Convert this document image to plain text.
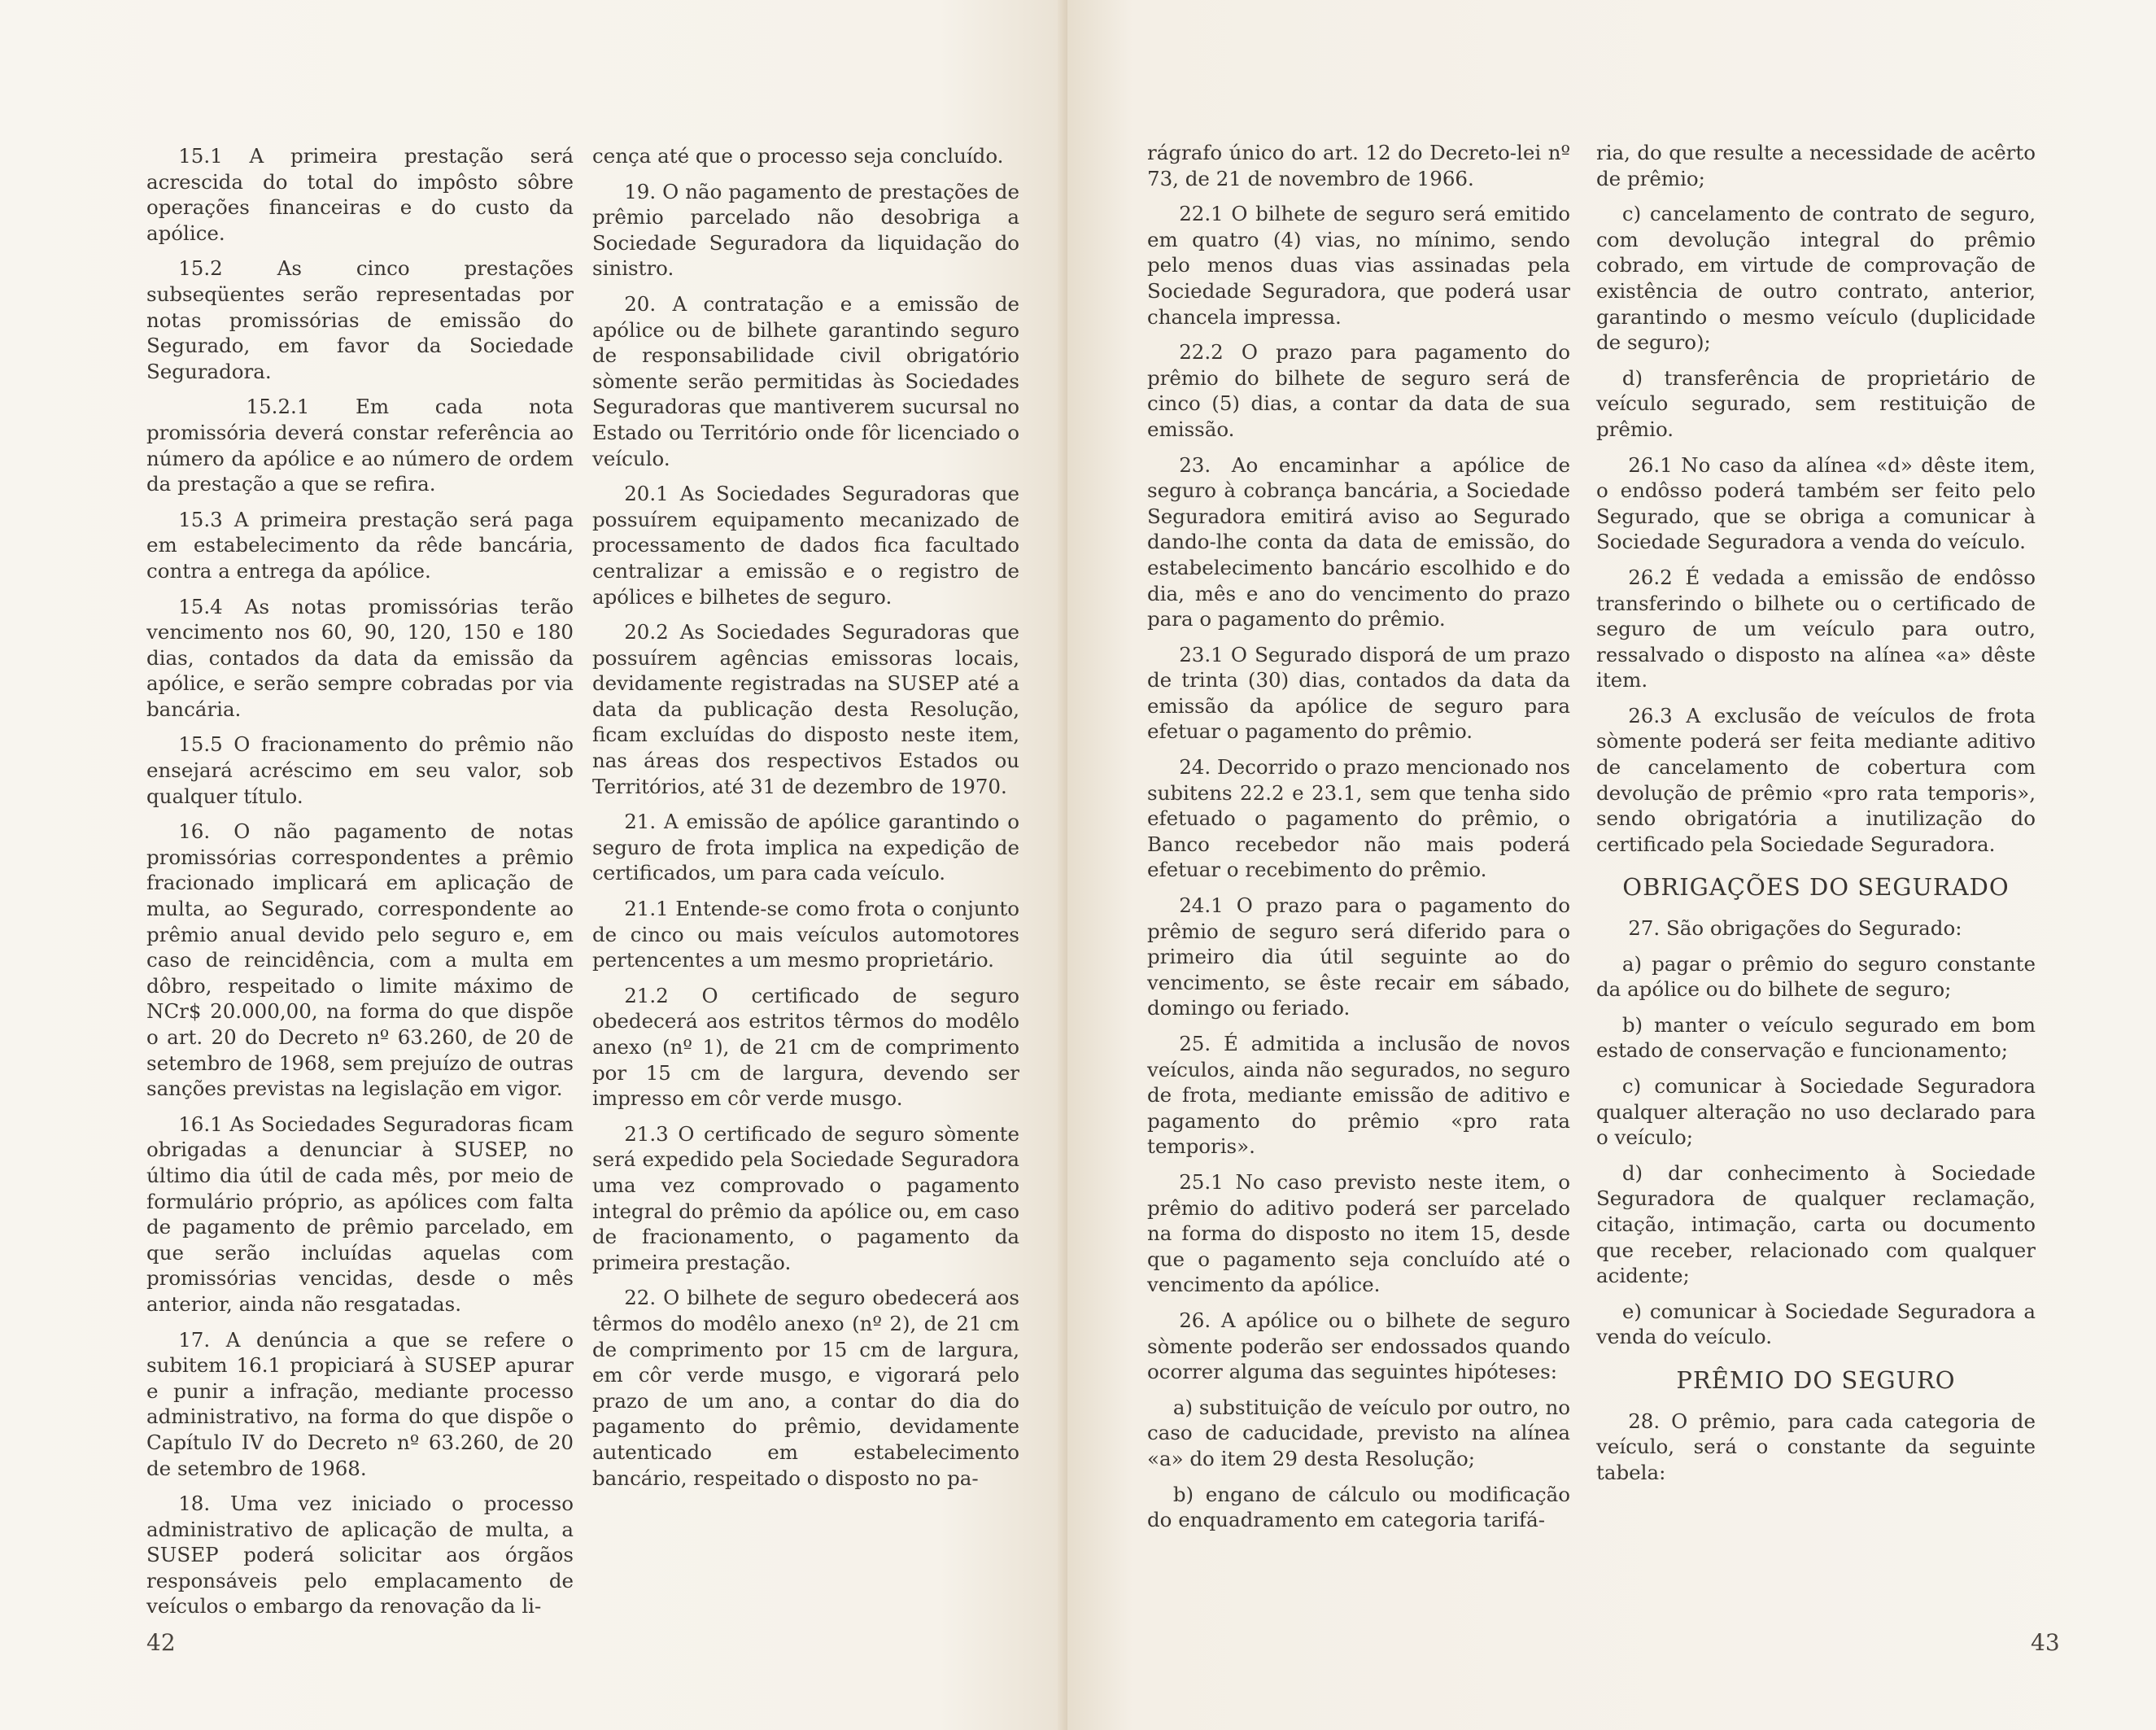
15.1 A primeira prestação será acrescida do total do impôsto sôbre operações financeiras e do custo da apólice.

15.2 As cinco prestações subseqüentes serão representadas por notas promissórias de emissão do Segurado, em favor da Sociedade Seguradora.

15.2.1 Em cada nota promissória deverá constar referência ao número da apólice e ao número de ordem da prestação a que se refira.

15.3 A primeira prestação será paga em estabelecimento da rêde bancária, contra a entrega da apólice.

15.4 As notas promissórias terão vencimento nos 60, 90, 120, 150 e 180 dias, contados da data da emissão da apólice, e serão sempre cobradas por via bancária.

15.5 O fracionamento do prêmio não ensejará acréscimo em seu valor, sob qualquer título.

16. O não pagamento de notas promissórias correspondentes a prêmio fracionado implicará em aplicação de multa, ao Segurado, correspondente ao prêmio anual devido pelo seguro e, em caso de reincidência, com a multa em dôbro, respeitado o limite máximo de NCr$ 20.000,00, na forma do que dispõe o art. 20 do Decreto nº 63.260, de 20 de setembro de 1968, sem prejuízo de outras sanções previstas na legislação em vigor.

16.1 As Sociedades Seguradoras ficam obrigadas a denunciar à SUSEP, no último dia útil de cada mês, por meio de formulário próprio, as apólices com falta de pagamento de prêmio parcelado, em que serão incluídas aquelas com promissórias vencidas, desde o mês anterior, ainda não resgatadas.

17. A denúncia a que se refere o subitem 16.1 propiciará à SUSEP apurar e punir a infração, mediante processo administrativo, na forma do que dispõe o Capítulo IV do Decreto nº 63.260, de 20 de setembro de 1968.

18. Uma vez iniciado o processo administrativo de aplicação de multa, a SUSEP poderá solicitar aos órgãos responsáveis pelo emplacamento de veículos o embargo da renovação da li-

cença até que o processo seja concluído.

19. O não pagamento de prestações de prêmio parcelado não desobriga a Sociedade Seguradora da liquidação do sinistro.

20. A contratação e a emissão de apólice ou de bilhete garantindo seguro de responsabilidade civil obrigatório sòmente serão permitidas às Sociedades Seguradoras que mantiverem sucursal no Estado ou Território onde fôr licenciado o veículo.

20.1 As Sociedades Seguradoras que possuírem equipamento mecanizado de processamento de dados fica facultado centralizar a emissão e o registro de apólices e bilhetes de seguro.

20.2 As Sociedades Seguradoras que possuírem agências emissoras locais, devidamente registradas na SUSEP até a data da publicação desta Resolução, ficam excluídas do disposto neste item, nas áreas dos respectivos Estados ou Territórios, até 31 de dezembro de 1970.

21. A emissão de apólice garantindo o seguro de frota implica na expedição de certificados, um para cada veículo.

21.1 Entende-se como frota o conjunto de cinco ou mais veículos automotores pertencentes a um mesmo proprietário.

21.2 O certificado de seguro obedecerá aos estritos têrmos do modêlo anexo (nº 1), de 21 cm de comprimento por 15 cm de largura, devendo ser impresso em côr verde musgo.

21.3 O certificado de seguro sòmente será expedido pela Sociedade Seguradora uma vez comprovado o pagamento integral do prêmio da apólice ou, em caso de fracionamento, o pagamento da primeira prestação.

22. O bilhete de seguro obedecerá aos têrmos do modêlo anexo (nº 2), de 21 cm de comprimento por 15 cm de largura, em côr verde musgo, e vigorará pelo prazo de um ano, a contar do dia do pagamento do prêmio, devidamente autenticado em estabelecimento bancário, respeitado o disposto no pa-

42

rágrafo único do art. 12 do Decreto-lei nº 73, de 21 de novembro de 1966.

22.1 O bilhete de seguro será emitido em quatro (4) vias, no mínimo, sendo pelo menos duas vias assinadas pela Sociedade Seguradora, que poderá usar chancela impressa.

22.2 O prazo para pagamento do prêmio do bilhete de seguro será de cinco (5) dias, a contar da data de sua emissão.

23. Ao encaminhar a apólice de seguro à cobrança bancária, a Sociedade Seguradora emitirá aviso ao Segurado dando-lhe conta da data de emissão, do estabelecimento bancário escolhido e do dia, mês e ano do vencimento do prazo para o pagamento do prêmio.

23.1 O Segurado disporá de um prazo de trinta (30) dias, contados da data da emissão da apólice de seguro para efetuar o pagamento do prêmio.

24. Decorrido o prazo mencionado nos subitens 22.2 e 23.1, sem que tenha sido efetuado o pagamento do prêmio, o Banco recebedor não mais poderá efetuar o recebimento do prêmio.

24.1 O prazo para o pagamento do prêmio de seguro será diferido para o primeiro dia útil seguinte ao do vencimento, se êste recair em sábado, domingo ou feriado.

25. É admitida a inclusão de novos veículos, ainda não segurados, no seguro de frota, mediante emissão de aditivo e pagamento do prêmio «pro rata temporis».

25.1 No caso previsto neste item, o prêmio do aditivo poderá ser parcelado na forma do disposto no item 15, desde que o pagamento seja concluído até o vencimento da apólice.

26. A apólice ou o bilhete de seguro sòmente poderão ser endossados quando ocorrer alguma das seguintes hipóteses:

a) substituição de veículo por outro, no caso de caducidade, previsto na alínea «a» do item 29 desta Resolução;

b) engano de cálculo ou modificação do enquadramento em categoria tarifá-

ria, do que resulte a necessidade de acêrto de prêmio;

c) cancelamento de contrato de seguro, com devolução integral do prêmio cobrado, em virtude de comprovação de existência de outro contrato, anterior, garantindo o mesmo veículo (duplicidade de seguro);

d) transferência de proprietário de veículo segurado, sem restituição de prêmio.

26.1 No caso da alínea «d» dêste item, o endôsso poderá também ser feito pelo Segurado, que se obriga a comunicar à Sociedade Seguradora a venda do veículo.

26.2 É vedada a emissão de endôsso transferindo o bilhete ou o certificado de seguro de um veículo para outro, ressalvado o disposto na alínea «a» dêste item.

26.3 A exclusão de veículos de frota sòmente poderá ser feita mediante aditivo de cancelamento de cobertura com devolução de prêmio «pro rata temporis», sendo obrigatória a inutilização do certificado pela Sociedade Seguradora.

OBRIGAÇÕES DO SEGURADO

27. São obrigações do Segurado:

a) pagar o prêmio do seguro constante da apólice ou do bilhete de seguro;

b) manter o veículo segurado em bom estado de conservação e funcionamento;

c) comunicar à Sociedade Seguradora qualquer alteração no uso declarado para o veículo;

d) dar conhecimento à Sociedade Seguradora de qualquer reclamação, citação, intimação, carta ou documento que receber, relacionado com qualquer acidente;

e) comunicar à Sociedade Seguradora a venda do veículo.

PRÊMIO DO SEGURO

28. O prêmio, para cada categoria de veículo, será o constante da seguinte tabela:

43
